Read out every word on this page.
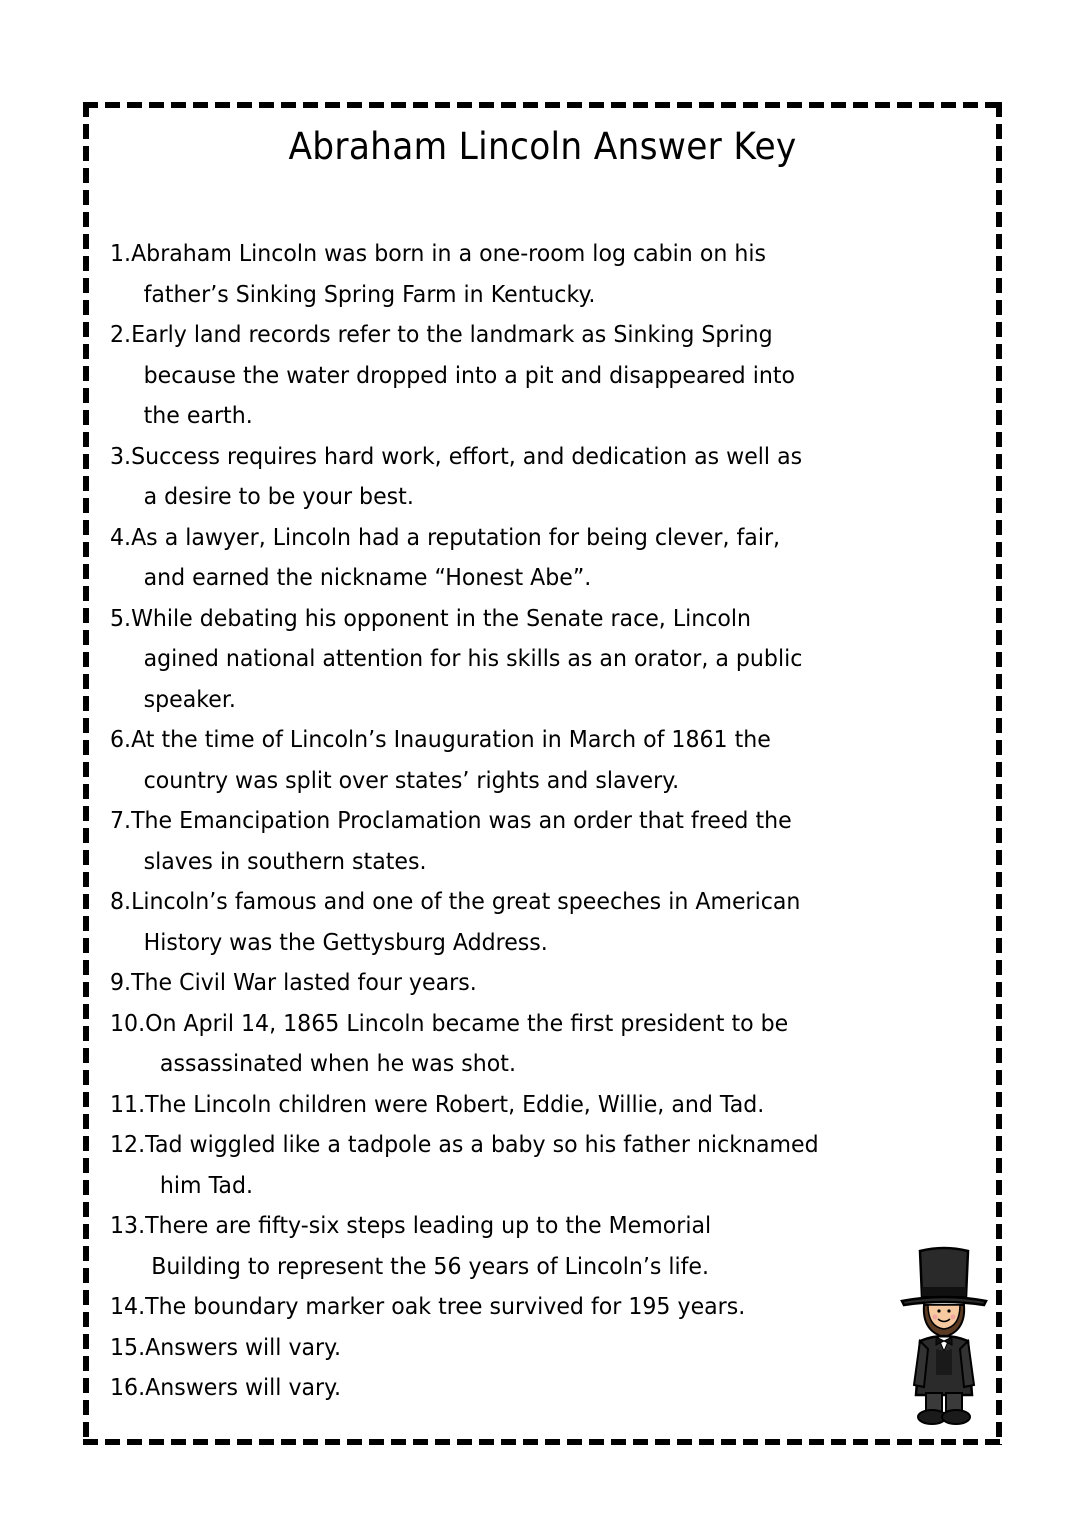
Abraham Lincoln Answer Key
1.Abraham Lincoln was born in a one-room log cabin on his
father’s Sinking Spring Farm in Kentucky.
2.Early land records refer to the landmark as Sinking Spring
because the water dropped into a pit and disappeared into
the earth.
3.Success requires hard work, effort, and dedication as well as
a desire to be your best.
4.As a lawyer, Lincoln had a reputation for being clever, fair,
and earned the nickname “Honest Abe”.
5.While debating his opponent in the Senate race, Lincoln
agined national attention for his skills as an orator, a public
speaker.
6.At the time of Lincoln’s Inauguration in March of 1861 the
country was split over states’ rights and slavery.
7.The Emancipation Proclamation was an order that freed the
slaves in southern states.
8.Lincoln’s famous and one of the great speeches in American
History was the Gettysburg Address.
9.The Civil War lasted four years.
10.On April 14, 1865 Lincoln became the first president to be
assassinated when he was shot.
11.The Lincoln children were Robert, Eddie, Willie, and Tad.
12.Tad wiggled like a tadpole as a baby so his father nicknamed
him Tad.
13.There are fifty-six steps leading up to the Memorial
Building to represent the 56 years of Lincoln’s life.
14.The boundary marker oak tree survived for 195 years.
15.Answers will vary.
16.Answers will vary.
